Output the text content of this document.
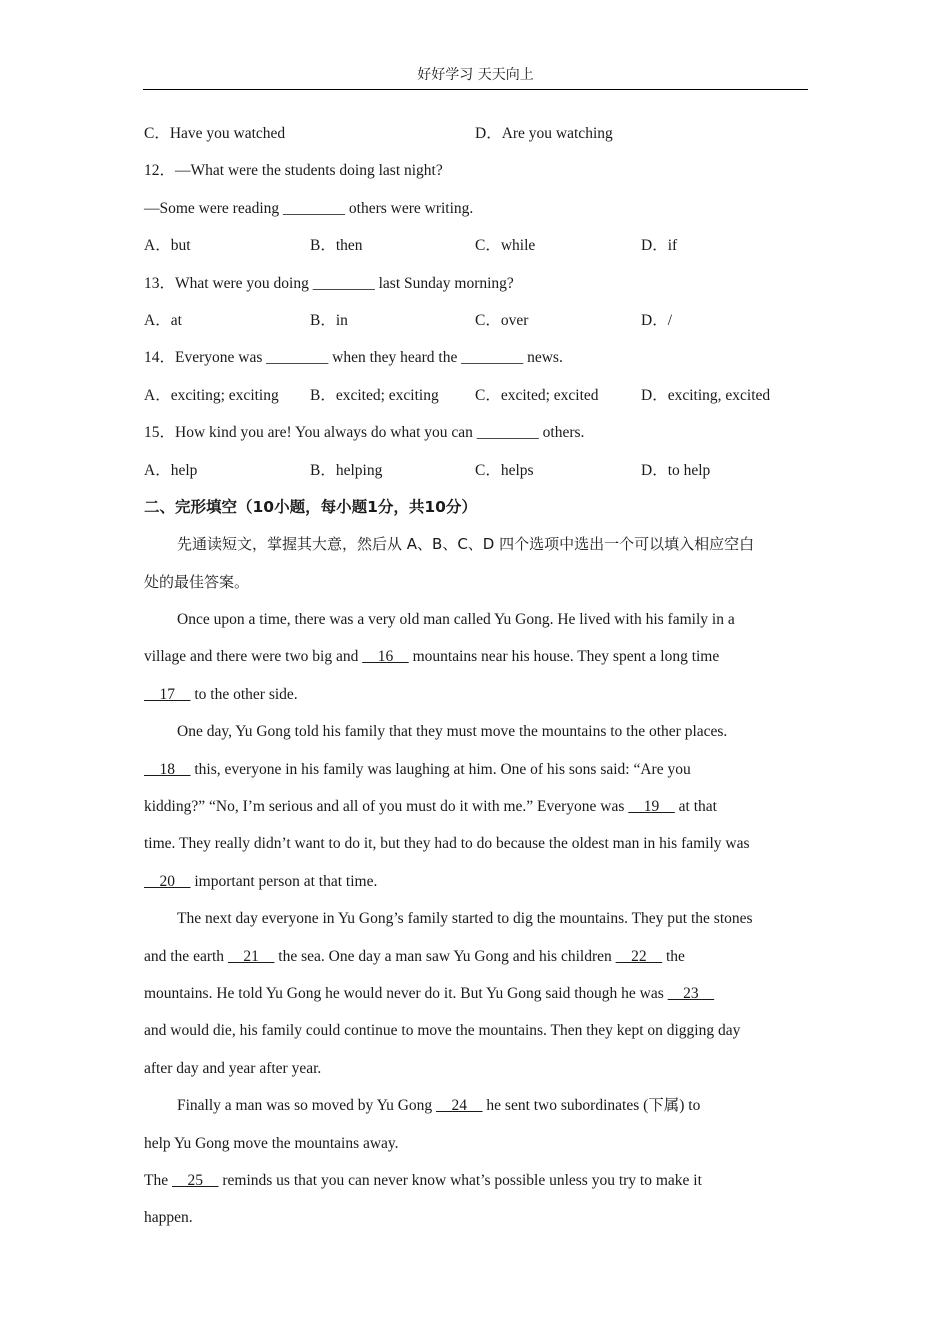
好好学习 天天向上
C．Have you watched	D．Are you watching
12．—What were the students doing last night?
—Some were reading ________ others were writing.
A．but	B．then	C．while	D．if
13．What were you doing ________ last Sunday morning?
A．at	B．in	C．over	D．/
14．Everyone was ________ when they heard the ________ news.
A．exciting; exciting B．excited; exciting C．excited; excited	D．exciting, excited
15．How kind you are! You always do what you can ________ others.
A．help	B．helping	C．helps	D．to help
二、完形填空（10小题，每小题1分，共10分）
先通读短文，掌握其大意，然后从 A、B、C、D 四个选项中选出一个可以填入相应空白
处的最佳答案。
Once upon a time, there was a very old man called Yu Gong. He lived with his family in a
village and there were two big and     16     mountains near his house. They spent a long time
17     to the other side.
One day, Yu Gong told his family that they must move the mountains to the other places.
18     this, everyone in his family was laughing at him. One of his sons said: “Are you
kidding?” “No, I’m serious and all of you must do it with me.” Everyone was     19     at that
time. They really didn’t want to do it, but they had to do because the oldest man in his family was
20     important person at that time.
The next day everyone in Yu Gong’s family started to dig the mountains. They put the stones
and the earth     21     the sea. One day a man saw Yu Gong and his children     22     the
mountains. He told Yu Gong he would never do it. But Yu Gong said though he was     23
and would die, his family could continue to move the mountains. Then they kept on digging day
after day and year after year.
Finally a man was so moved by Yu Gong     24     he sent two subordinates (下属) to
help Yu Gong move the mountains away.
The     25     reminds us that you can never know what’s possible unless you try to make it
happen.
